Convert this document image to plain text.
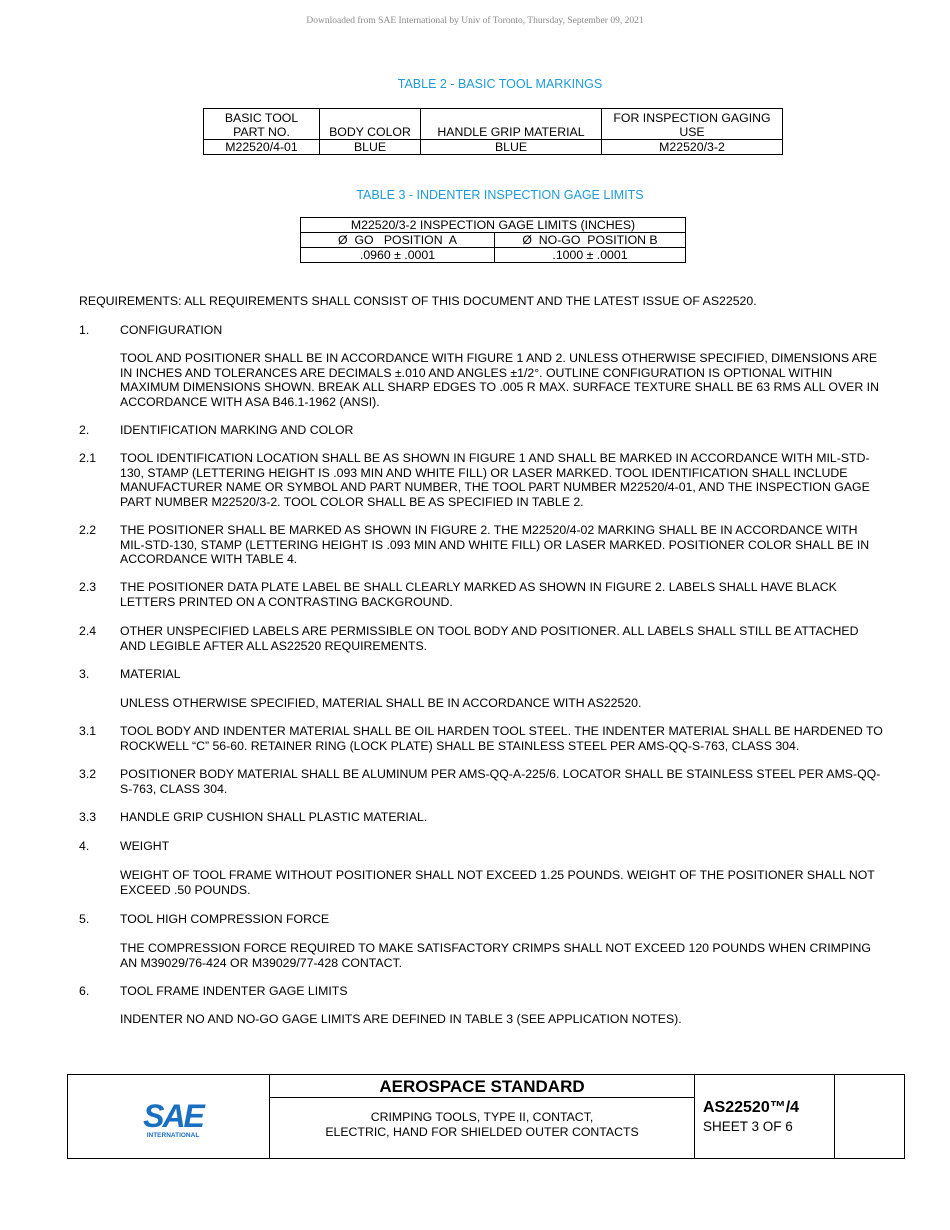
Downloaded from SAE International by Univ of Toronto, Thursday, September 09, 2021
TABLE 2 - BASIC TOOL MARKINGS
BASIC TOOL
PART NO.	BODY COLOR	HANDLE GRIP MATERIAL	FOR INSPECTION GAGING
USE
M22520/4-01	BLUE	BLUE	M22520/3-2
TABLE 3 - INDENTER INSPECTION GAGE LIMITS
M22520/3-2 INSPECTION GAGE LIMITS (INCHES)	
Ø  GO   POSITION  A	Ø  NO-GO  POSITION B
.0960 ± .0001	.1000 ± .0001
REQUIREMENTS: ALL REQUIREMENTS SHALL CONSIST OF THIS DOCUMENT AND THE LATEST ISSUE OF AS22520.
1. CONFIGURATION
TOOL AND POSITIONER SHALL BE IN ACCORDANCE WITH FIGURE 1 AND 2. UNLESS OTHERWISE SPECIFIED, DIMENSIONS ARE IN INCHES AND TOLERANCES ARE DECIMALS ±.010 AND ANGLES ±1/2°. OUTLINE CONFIGURATION IS OPTIONAL WITHIN MAXIMUM DIMENSIONS SHOWN. BREAK ALL SHARP EDGES TO .005 R MAX. SURFACE TEXTURE SHALL BE 63 RMS ALL OVER IN ACCORDANCE WITH ASA B46.1-1962 (ANSI).
2. IDENTIFICATION MARKING AND COLOR
2.1 TOOL IDENTIFICATION LOCATION SHALL BE AS SHOWN IN FIGURE 1 AND SHALL BE MARKED IN ACCORDANCE WITH MIL-STD-130, STAMP (LETTERING HEIGHT IS .093 MIN AND WHITE FILL) OR LASER MARKED. TOOL IDENTIFICATION SHALL INCLUDE MANUFACTURER NAME OR SYMBOL AND PART NUMBER, THE TOOL PART NUMBER M22520/4-01, AND THE INSPECTION GAGE PART NUMBER M22520/3-2. TOOL COLOR SHALL BE AS SPECIFIED IN TABLE 2.
2.2 THE POSITIONER SHALL BE MARKED AS SHOWN IN FIGURE 2. THE M22520/4-02 MARKING SHALL BE IN ACCORDANCE WITH MIL-STD-130, STAMP (LETTERING HEIGHT IS .093 MIN AND WHITE FILL) OR LASER MARKED. POSITIONER COLOR SHALL BE IN ACCORDANCE WITH TABLE 4.
2.3 THE POSITIONER DATA PLATE LABEL BE SHALL CLEARLY MARKED AS SHOWN IN FIGURE 2. LABELS SHALL HAVE BLACK LETTERS PRINTED ON A CONTRASTING BACKGROUND.
2.4 OTHER UNSPECIFIED LABELS ARE PERMISSIBLE ON TOOL BODY AND POSITIONER. ALL LABELS SHALL STILL BE ATTACHED AND LEGIBLE AFTER ALL AS22520 REQUIREMENTS.
3. MATERIAL
UNLESS OTHERWISE SPECIFIED, MATERIAL SHALL BE IN ACCORDANCE WITH AS22520.
3.1 TOOL BODY AND INDENTER MATERIAL SHALL BE OIL HARDEN TOOL STEEL. THE INDENTER MATERIAL SHALL BE HARDENED TO ROCKWELL “C” 56-60. RETAINER RING (LOCK PLATE) SHALL BE STAINLESS STEEL PER AMS-QQ-S-763, CLASS 304.
3.2 POSITIONER BODY MATERIAL SHALL BE ALUMINUM PER AMS-QQ-A-225/6. LOCATOR SHALL BE STAINLESS STEEL PER AMS-QQ-S-763, CLASS 304.
3.3 HANDLE GRIP CUSHION SHALL PLASTIC MATERIAL.
4. WEIGHT
WEIGHT OF TOOL FRAME WITHOUT POSITIONER SHALL NOT EXCEED 1.25 POUNDS. WEIGHT OF THE POSITIONER SHALL NOT EXCEED .50 POUNDS.
5. TOOL HIGH COMPRESSION FORCE
THE COMPRESSION FORCE REQUIRED TO MAKE SATISFACTORY CRIMPS SHALL NOT EXCEED 120 POUNDS WHEN CRIMPING AN M39029/76-424 OR M39029/77-428 CONTACT.
6. TOOL FRAME INDENTER GAGE LIMITS
INDENTER NO AND NO-GO GAGE LIMITS ARE DEFINED IN TABLE 3 (SEE APPLICATION NOTES).
SAE
INTERNATIONAL
AEROSPACE STANDARD
CRIMPING TOOLS, TYPE II, CONTACT,
ELECTRIC, HAND FOR SHIELDED OUTER CONTACTS
AS22520™/4
SHEET 3 OF 6
